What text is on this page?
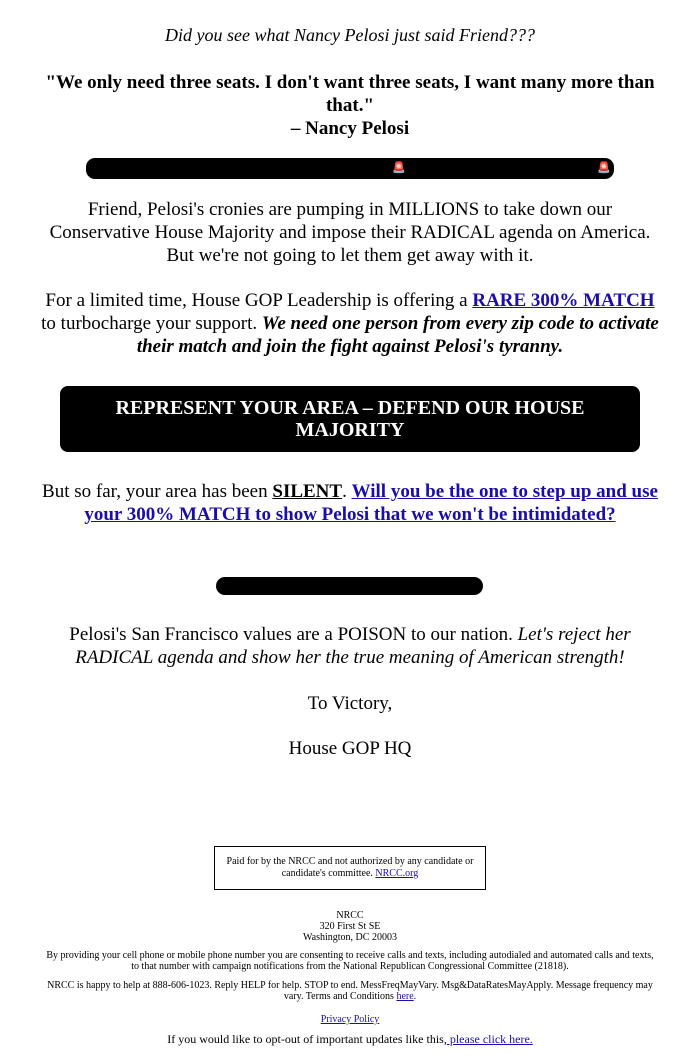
Did you see what Nancy Pelosi just said Friend???
"We only need three seats. I don't want three seats, I want many more than that."
– Nancy Pelosi
🚨	🚨
Friend, Pelosi's cronies are pumping in MILLIONS to take down our Conservative House Majority and impose their RADICAL agenda on America. But we're not going to let them get away with it.
For a limited time, House GOP Leadership is offering a RARE 300% MATCH to turbocharge your support. We need one person from every zip code to activate their match and join the fight against Pelosi's tyranny.
REPRESENT YOUR AREA – DEFEND OUR HOUSE MAJORITY
But so far, your area has been SILENT. Will you be the one to step up and use your 300% MATCH to show Pelosi that we won't be intimidated?
Pelosi's San Francisco values are a POISON to our nation. Let's reject her RADICAL agenda and show her the true meaning of American strength!
To Victory,
House GOP HQ
Paid for by the NRCC and not authorized by any candidate or candidate's committee. NRCC.org
NRCC
320 First St SE
Washington, DC 20003
By providing your cell phone or mobile phone number you are consenting to receive calls and texts, including autodialed and automated calls and texts, to that number with campaign notifications from the National Republican Congressional Committee (21818).
NRCC is happy to help at 888-606-1023. Reply HELP for help. STOP to end. MessFreqMayVary. Msg&DataRatesMayApply. Message frequency may vary. Terms and Conditions here.
Privacy Policy
If you would like to opt-out of important updates like this, please click here.
